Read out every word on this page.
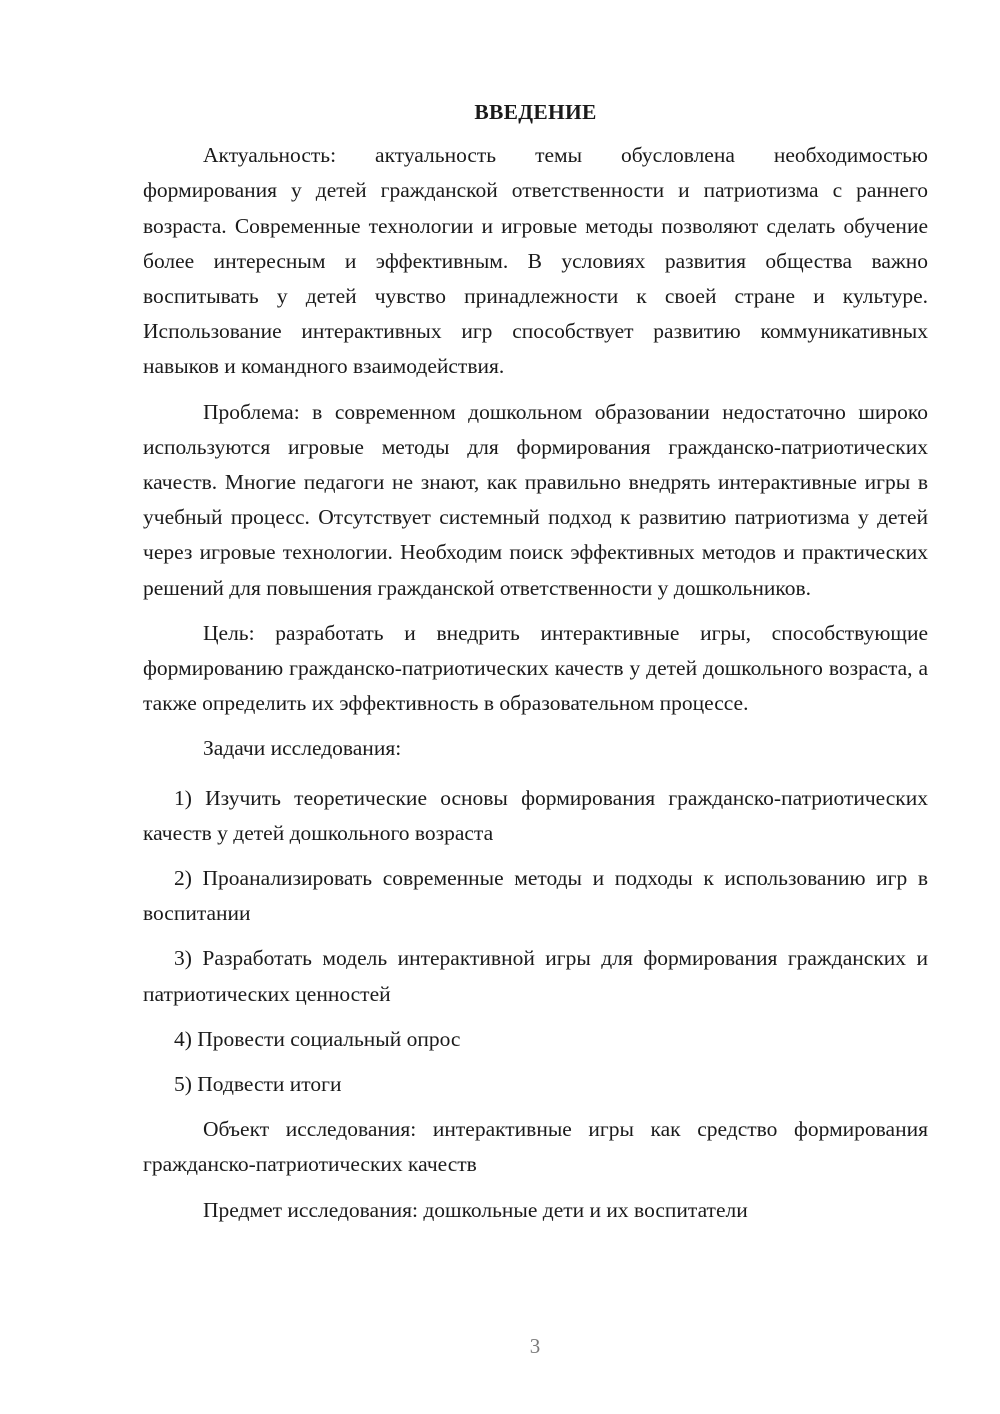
ВВЕДЕНИЕ

Актуальность: актуальность темы обусловлена необходимостью формирования у детей гражданской ответственности и патриотизма с раннего возраста. Современные технологии и игровые методы позволяют сделать обучение более интересным и эффективным. В условиях развития общества важно воспитывать у детей чувство принадлежности к своей стране и культуре. Использование интерактивных игр способствует развитию коммуникативных навыков и командного взаимодействия.

Проблема: в современном дошкольном образовании недостаточно широко используются игровые методы для формирования гражданско-патриотических качеств. Многие педагоги не знают, как правильно внедрять интерактивные игры в учебный процесс. Отсутствует системный подход к развитию патриотизма у детей через игровые технологии. Необходим поиск эффективных методов и практических решений для повышения гражданской ответственности у дошкольников.

Цель: разработать и внедрить интерактивные игры, способствующие формированию гражданско-патриотических качеств у детей дошкольного возраста, а также определить их эффективность в образовательном процессе.

Задачи исследования:

1) Изучить теоретические основы формирования гражданско-патриотических качеств у детей дошкольного возраста

2) Проанализировать современные методы и подходы к использованию игр в воспитании

3) Разработать модель интерактивной игры для формирования гражданских и патриотических ценностей

4) Провести социальный опрос

5) Подвести итоги

Объект исследования: интерактивные игры как средство формирования гражданско-патриотических качеств

Предмет исследования: дошкольные дети и их воспитатели

3
